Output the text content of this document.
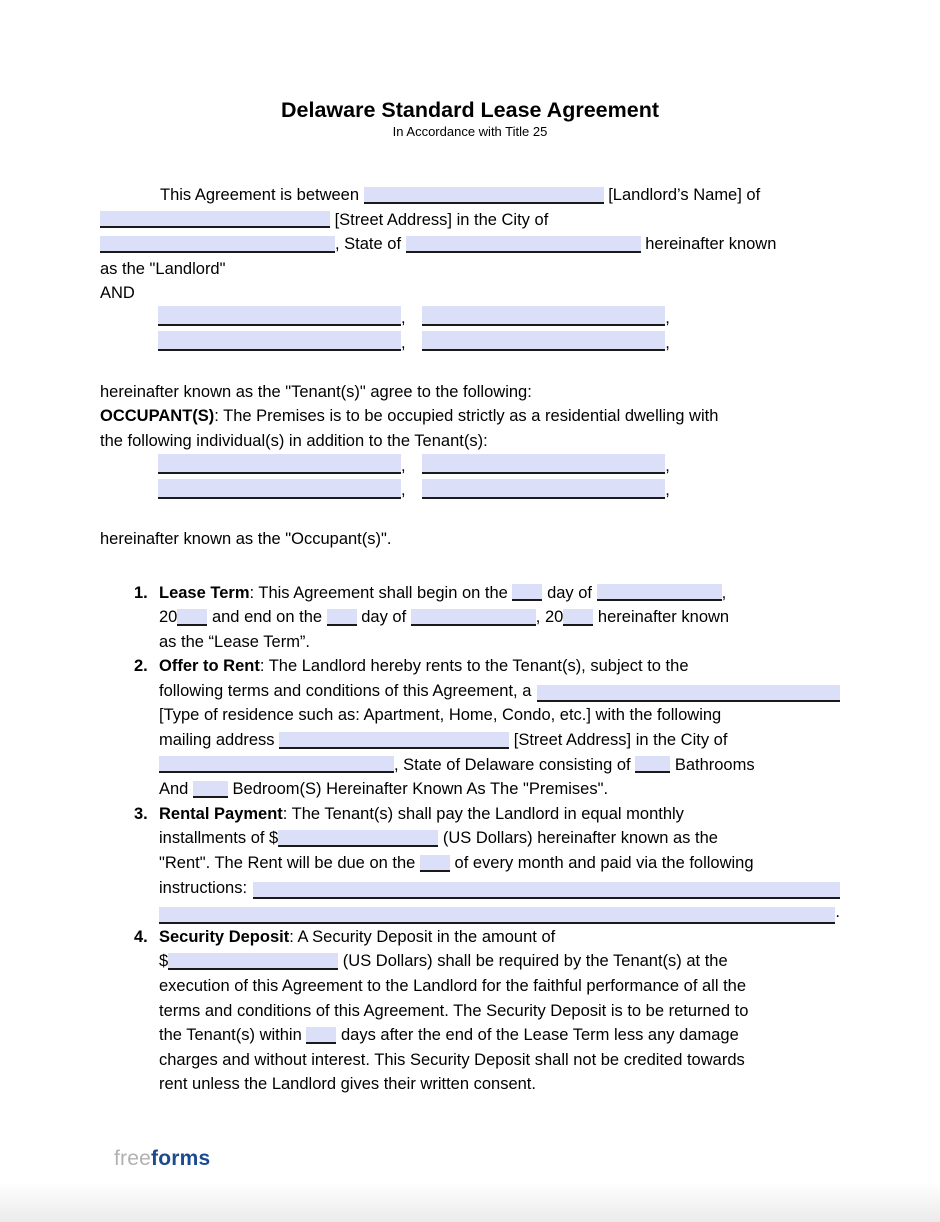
Delaware Standard Lease Agreement
In Accordance with Title 25
This Agreement is between	[Landlord’s Name] of
[Street Address] in the City of
, State of	hereinafter known
as the "Landlord"
AND
,	,
,	,
hereinafter known as the "Tenant(s)" agree to the following:
OCCUPANT(S): The Premises is to be occupied strictly as a residential dwelling with
the following individual(s) in addition to the Tenant(s):
,	,
,	,
hereinafter known as the "Occupant(s)".
1. Lease Term: This Agreement shall begin on the day of	,
20 and end on the day of	, 20 hereinafter known
as the “Lease Term”.
2. Offer to Rent: The Landlord hereby rents to the Tenant(s), subject to the
following terms and conditions of this Agreement, a
[Type of residence such as: Apartment, Home, Condo, etc.] with the following
mailing address	[Street Address] in the City of
, State of Delaware consisting of	Bathrooms
And	Bedroom(S) Hereinafter Known As The "Premises".
3. Rental Payment: The Tenant(s) shall pay the Landlord in equal monthly
installments of $	(US Dollars) hereinafter known as the
"Rent". The Rent will be due on the of every month and paid via the following
instructions:
.
4. Security Deposit: A Security Deposit in the amount of
$	(US Dollars) shall be required by the Tenant(s) at the
execution of this Agreement to the Landlord for the faithful performance of all the
terms and conditions of this Agreement. The Security Deposit is to be returned to
the Tenant(s) within days after the end of the Lease Term less any damage
charges and without interest. This Security Deposit shall not be credited towards
rent unless the Landlord gives their written consent.
freeforms
